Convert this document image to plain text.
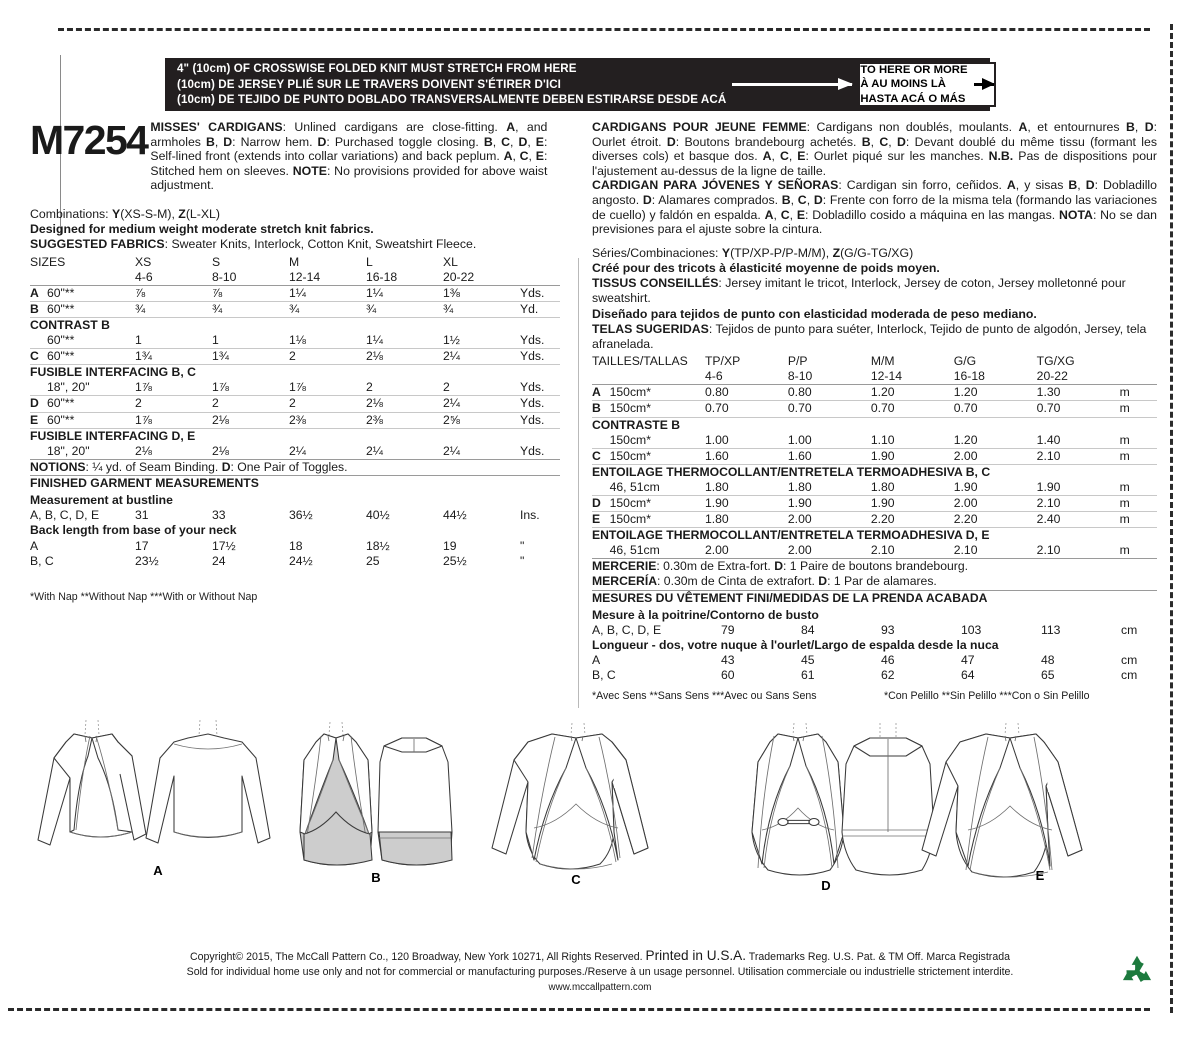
4" (10cm) OF CROSSWISE FOLDED KNIT MUST STRETCH FROM HERE
(10cm) DE JERSEY PLIÉ SUR LE TRAVERS DOIVENT S'ÉTIRER D'ICI
(10cm) DE TEJIDO DE PUNTO DOBLADO TRANSVERSALMENTE DEBEN ESTIRARSE DESDE ACÁ
TO HERE OR MORE
À AU MOINS LÀ
HASTA ACÁ O MÁS
M7254 MISSES' CARDIGANS: Unlined cardigans are close-fitting. A, and armholes B, D: Narrow hem. D: Purchased toggle closing. B, C, D, E: Self-lined front (extends into collar variations) and back peplum. A, C, E: Stitched hem on sleeves. NOTE: No provisions provided for above waist adjustment.
Combinations: Y(XS-S-M), Z(L-XL)
Designed for medium weight moderate stretch knit fabrics.
SUGGESTED FABRICS: Sweater Knits, Interlock, Cotton Knit, Sweatshirt Fleece.
SIZES		XS	S	M	L	XL	
		4-6	8-10	12-14	16-18	20-22	
A	60"**	⅞	⅞	1¼	1¼	1⅜	Yds.
B	60"**	¾	¾	¾	¾	¾	Yd.
CONTRAST B							
	60"**	1	1	1⅛	1¼	1½	Yds.
C	60"**	1¾	1¾	2	2⅛	2¼	Yds.
FUSIBLE INTERFACING B, C							
	18", 20"	1⅞	1⅞	1⅞	2	2	Yds.
D	60"**	2	2	2	2⅛	2¼	Yds.
E	60"**	1⅞	2⅛	2⅜	2⅜	2⅝	Yds.
FUSIBLE INTERFACING D, E							
	18", 20"	2⅛	2⅛	2¼	2¼	2¼	Yds.
NOTIONS: ¼ yd. of Seam Binding. D: One Pair of Toggles.
FINISHED GARMENT MEASUREMENTS
Measurement at bustline						
A, B, C, D, E	31	33	36½	40½	44½	Ins.
Back length from base of your neck						
A	17	17½	18	18½	19	"
B, C	23½	24	24½	25	25½	"
*With Nap **Without Nap ***With or Without Nap
CARDIGANS POUR JEUNE FEMME: Cardigans non doublés, moulants. A, et entournures B, D: Ourlet étroit. D: Boutons brandebourg achetés. B, C, D: Devant doublé du même tissu (formant les diverses cols) et basque dos. A, C, E: Ourlet piqué sur les manches. N.B. Pas de dispositions pour l'ajustement au-dessus de la ligne de taille.
CARDIGAN PARA JÓVENES Y SEÑORAS: Cardigan sin forro, ceñidos. A, y sisas B, D: Dobladillo angosto. D: Alamares comprados. B, C, D: Frente con forro de la misma tela (formando las variaciones de cuello) y faldón en espalda. A, C, E: Dobladillo cosido a máquina en las mangas. NOTA: No se dan previsiones para el ajuste sobre la cintura.
Séries/Combinaciones: Y(TP/XP-P/P-M/M), Z(G/G-TG/XG)
Créé pour des tricots à élasticité moyenne de poids moyen.
TISSUS CONSEILLÉS: Jersey imitant le tricot, Interlock, Jersey de coton, Jersey molletonné pour sweatshirt.
Diseñado para tejidos de punto con elasticidad moderada de peso mediano.
TELAS SUGERIDAS: Tejidos de punto para suéter, Interlock, Tejido de punto de algodón, Jersey, tela afranelada.
TAILLES/TALLAS		TP/XP	P/P	M/M	G/G	TG/XG	
		4-6	8-10	12-14	16-18	20-22	
A	150cm*	0.80	0.80	1.20	1.20	1.30	m
B	150cm*	0.70	0.70	0.70	0.70	0.70	m
CONTRASTE B							
	150cm*	1.00	1.00	1.10	1.20	1.40	m
C	150cm*	1.60	1.60	1.90	2.00	2.10	m
ENTOILAGE THERMOCOLLANT/ENTRETELA TERMOADHESIVA B, C							
	46, 51cm	1.80	1.80	1.80	1.90	1.90	m
D	150cm*	1.90	1.90	1.90	2.00	2.10	m
E	150cm*	1.80	2.00	2.20	2.20	2.40	m
ENTOILAGE THERMOCOLLANT/ENTRETELA TERMOADHESIVA D, E							
	46, 51cm	2.00	2.00	2.10	2.10	2.10	m
MERCERIE: 0.30m de Extra-fort. D: 1 Paire de boutons brandebourg.
MERCERÍA: 0.30m de Cinta de extrafort. D: 1 Par de alamares.
MESURES DU VÊTEMENT FINI/MEDIDAS DE LA PRENDA ACABADA
Mesure à la poitrine/Contorno de busto						
A, B, C, D, E	79	84	93	103	113	cm
Longueur - dos, votre nuque à l'ourlet/Largo de espalda desde la nuca						
A	43	45	46	47	48	cm
B, C	60	61	62	64	65	cm
*Avec Sens **Sans Sens ***Avec ou Sans Sens	*Con Pelillo **Sin Pelillo ***Con o Sin Pelillo
A	B	C	D
E
Copyright© 2015, The McCall Pattern Co., 120 Broadway, New York 10271, All Rights Reserved. Printed in U.S.A. Trademarks Reg. U.S. Pat. & TM Off. Marca Registrada
Sold for individual home use only and not for commercial or manufacturing purposes./Reserve à un usage personnel. Utilisation commerciale ou industrielle strictement interdite.
www.mccallpattern.com
